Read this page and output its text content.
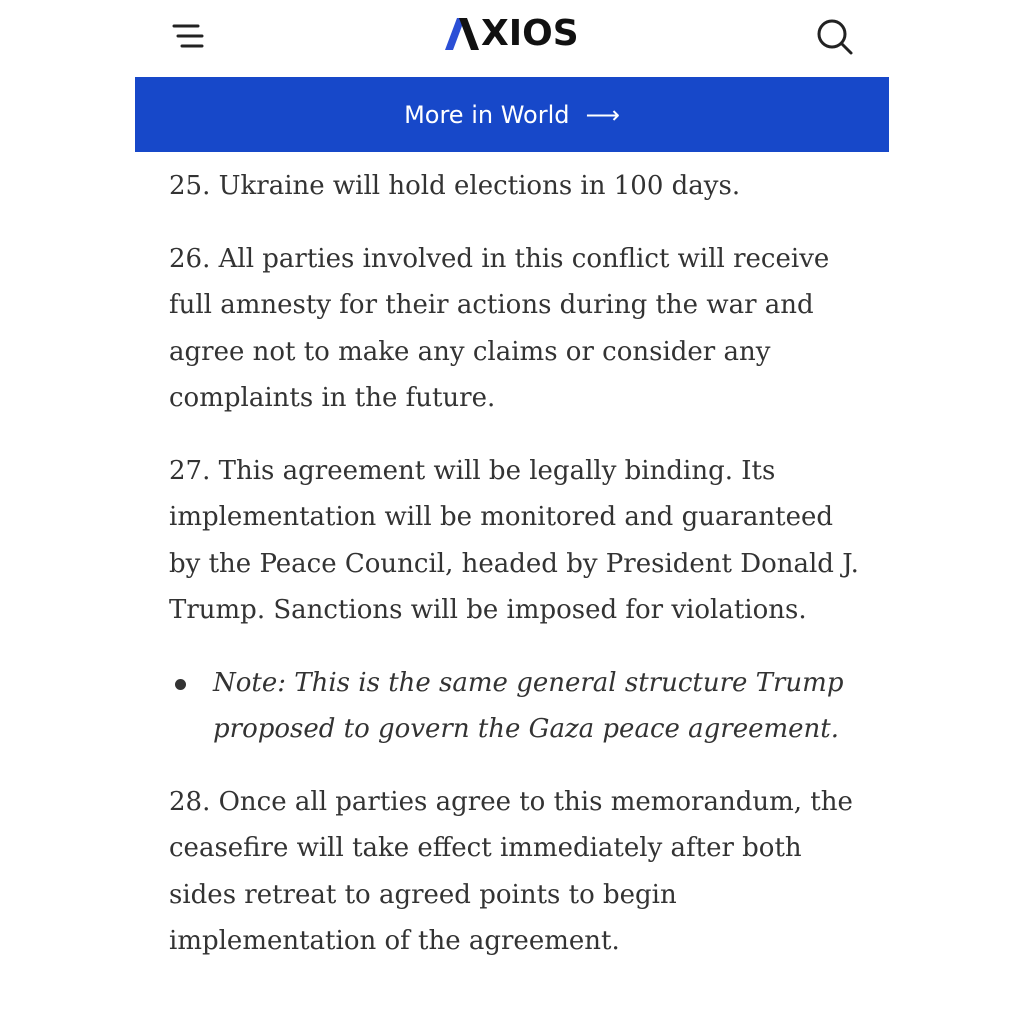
XIOS
More in World ⟶

25. Ukraine will hold elections in 100 days.

26. All parties involved in this conflict will receive full amnesty for their actions during the war and agree not to make any claims or consider any complaints in the future.

27. This agreement will be legally binding. Its implementation will be monitored and guaranteed by the Peace Council, headed by President Donald J. Trump. Sanctions will be imposed for violations.

Note: This is the same general structure Trump proposed to govern the Gaza peace agreement.

28. Once all parties agree to this memorandum, the ceasefire will take effect immediately after both sides retreat to agreed points to begin implementation of the agreement.
